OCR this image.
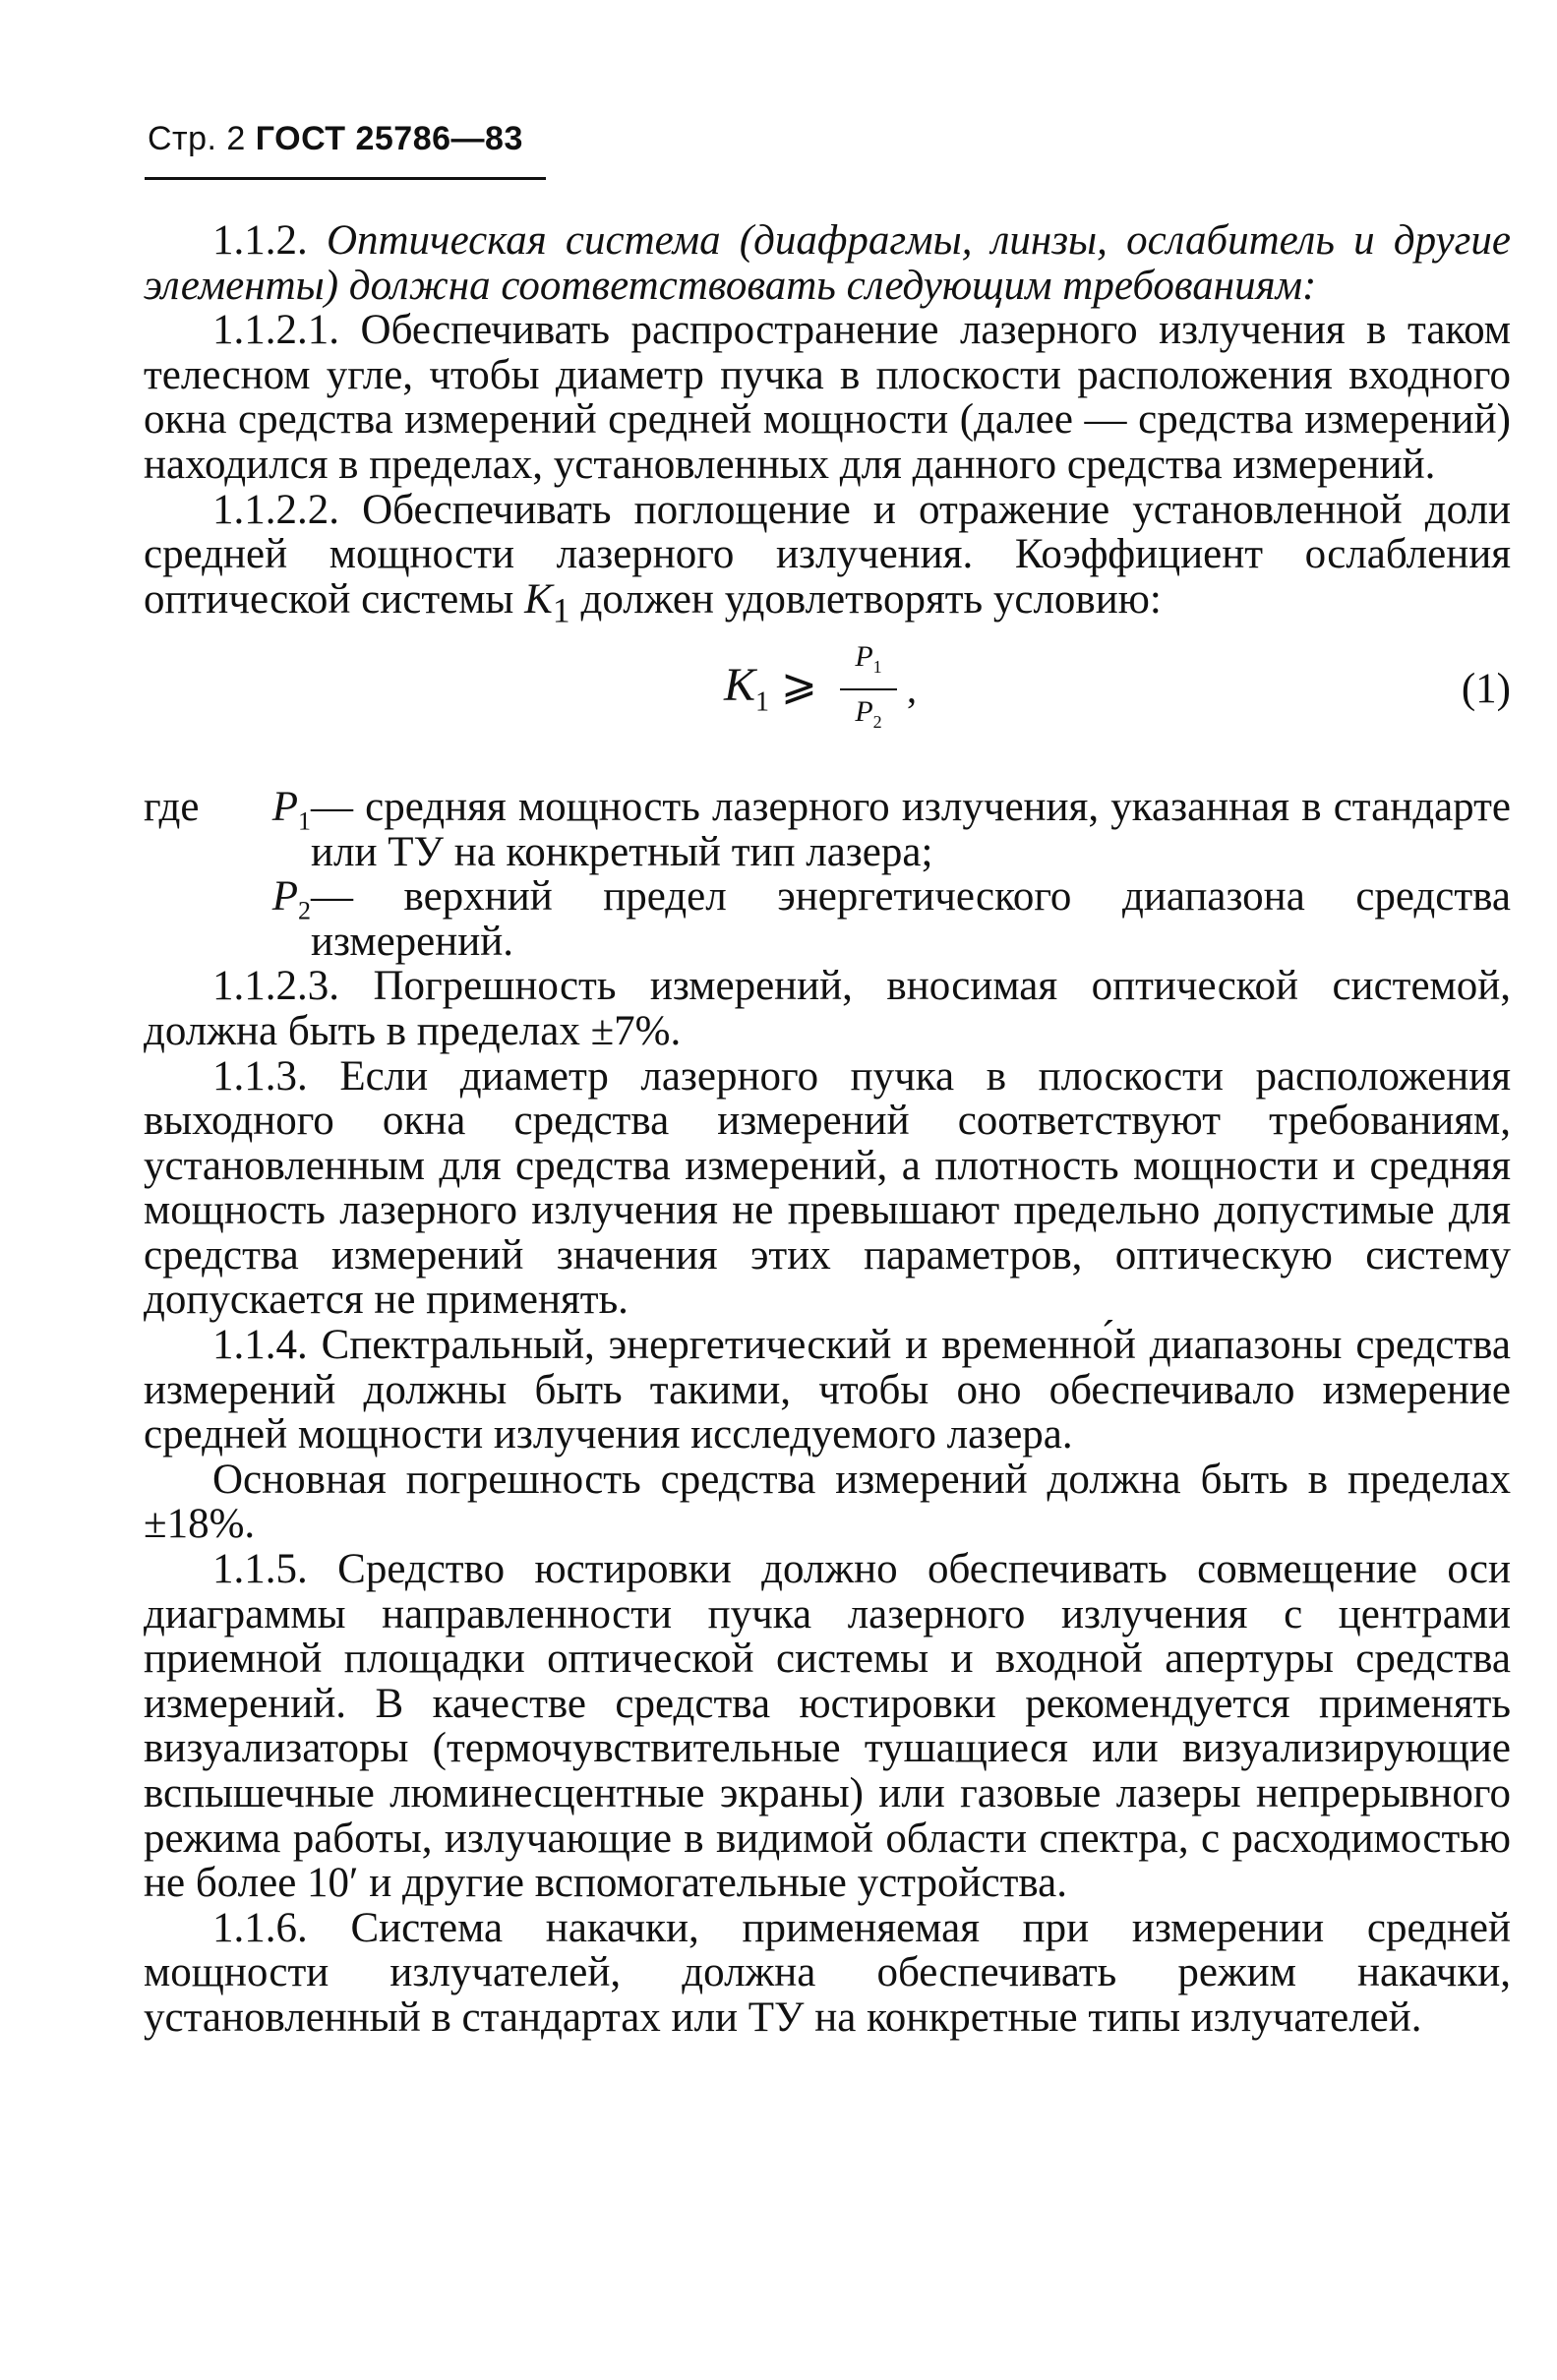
Стр. 2 ГОСТ 25786—83

1.1.2. Оптическая система (диафрагмы, линзы, ослабитель и другие элементы) должна соответствовать следующим требованиям:

1.1.2.1. Обеспечивать распространение лазерного излучения в таком телесном угле, чтобы диаметр пучка в плоскости расположения входного окна средства измерений средней мощности (далее — средства измерений) находился в пределах, установленных для данного средства измерений.

1.1.2.2. Обеспечивать поглощение и отражение установленной доли средней мощности лазерного излучения. Коэффициент ослабления оптической системы $K_1$ должен удовлетворять условию:

$K_1$ ⩾
$P_1$
$P_2$
,	(1)
где	$P_1$ — средняя мощность лазерного излучения, указанная в стандарте или ТУ на конкретный тип лазера;
$P_2$ — верхний предел энергетического диапазона средства измерений.

1.1.2.3. Погрешность измерений, вносимая оптической системой, должна быть в пределах ±7%.

1.1.3. Если диаметр лазерного пучка в плоскости расположения выходного окна средства измерений соответствуют требованиям, установленным для средства измерений, а плотность мощности и средняя мощность лазерного излучения не превышают предельно допустимые для средства измерений значения этих параметров, оптическую систему допускается не применять.

1.1.4. Спектральный, энергетический и временно́й диапазоны средства измерений должны быть такими, чтобы оно обеспечивало измерение средней мощности излучения исследуемого лазера.

Основная погрешность средства измерений должна быть в пределах ±18%.

1.1.5. Средство юстировки должно обеспечивать совмещение оси диаграммы направленности пучка лазерного излучения с центрами приемной площадки оптической системы и входной апертуры средства измерений. В качестве средства юстировки рекомендуется применять визуализаторы (термочувствительные тушащиеся или визуализирующие вспышечные люминесцентные экраны) или газовые лазеры непрерывного режима работы, излучающие в видимой области спектра, с расходимостью не более 10′ и другие вспомогательные устройства.

1.1.6. Система накачки, применяемая при измерении средней мощности излучателей, должна обеспечивать режим накачки, установленный в стандартах или ТУ на конкретные типы излучателей.
